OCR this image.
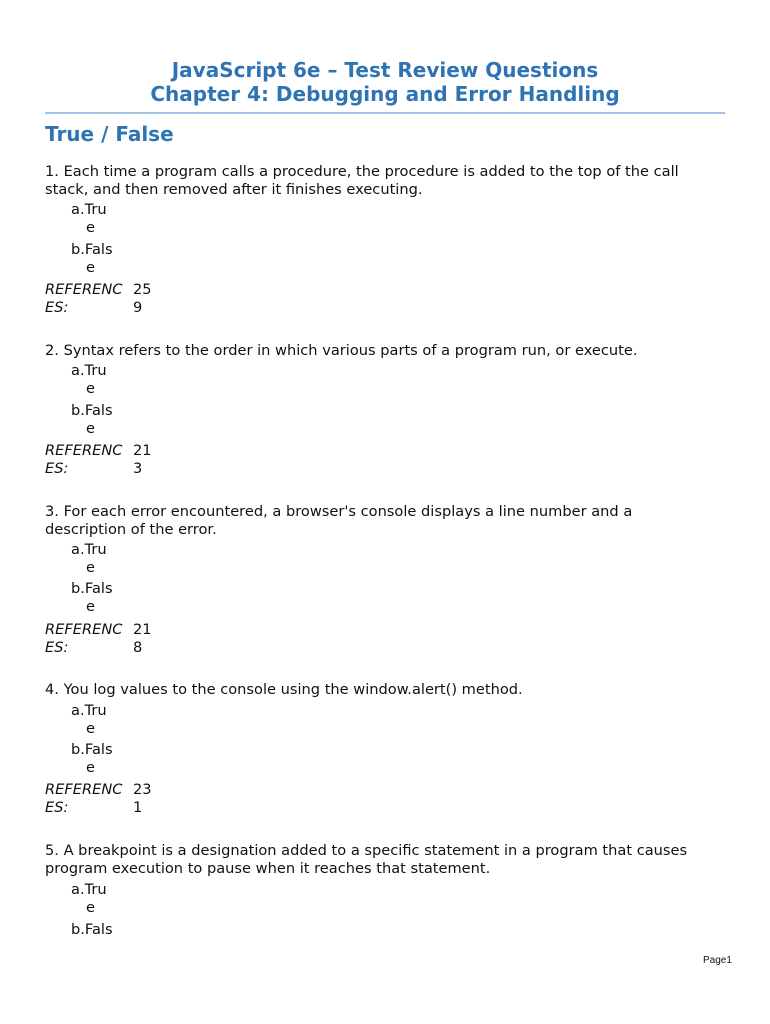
JavaScript 6e – Test Review Questions
Chapter 4: Debugging and Error Handling
True / False

1. Each time a program calls a procedure, the procedure is added to the top of the call stack, and then removed after it finishes executing.

a.Tru
e
b.Fals
e
REFERENC
ES:
25
9

2. Syntax refers to the order in which various parts of a program run, or execute.

a.Tru
e
b.Fals
e
REFERENC
ES:
21
3

3. For each error encountered, a browser's console displays a line number and a description of the error.

a.Tru
e
b.Fals
e
REFERENC
ES:
21
8

4. You log values to the console using the window.alert() method.

a.Tru
e
b.Fals
e
REFERENC
ES:
23
1

5. A breakpoint is a designation added to a specific statement in a program that causes program execution to pause when it reaches that statement.

a.Tru
e
b.Fals
Page1
